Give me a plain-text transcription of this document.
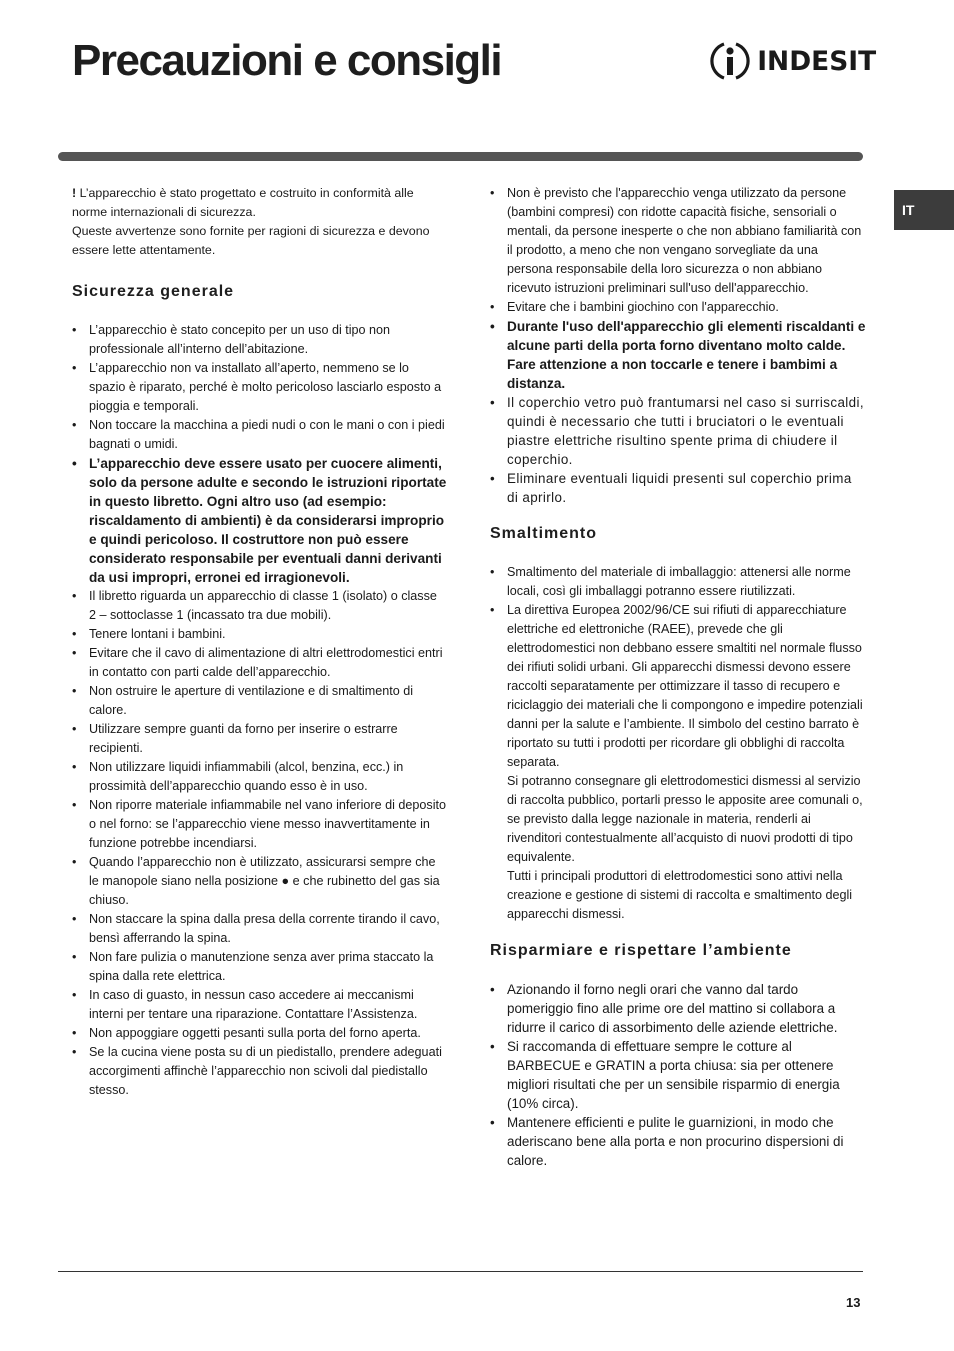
Precauzioni e consigli	INDESIT
IT

! L’apparecchio è stato progettato e costruito in conformità alle norme internazionali di sicurezza.

Queste avvertenze sono fornite per ragioni di sicurezza e devono essere lette attentamente.

Sicurezza generale
• L’apparecchio è stato concepito per un uso di tipo non professionale all’interno dell’abitazione.
• L’apparecchio non va installato all’aperto, nemmeno se lo spazio è riparato, perché è molto pericoloso lasciarlo esposto a pioggia e temporali.
• Non toccare la macchina a piedi nudi o con le mani o con i piedi bagnati o umidi.
• L’apparecchio deve essere usato per cuocere alimenti, solo da persone adulte e secondo le istruzioni riportate in questo libretto. Ogni altro uso (ad esempio: riscaldamento di ambienti) è da considerarsi improprio e quindi pericoloso. Il costruttore non può essere considerato responsabile per eventuali danni derivanti da usi impropri, erronei ed irragionevoli.
• Il libretto riguarda un apparecchio di classe 1 (isolato) o classe 2 – sottoclasse 1 (incassato tra due mobili).
• Tenere lontani i bambini.
• Evitare che il cavo di alimentazione di altri elettrodomestici entri in contatto con parti calde dell’apparecchio.
• Non ostruire le aperture di ventilazione e di smaltimento di calore.
• Utilizzare sempre guanti da forno per inserire o estrarre recipienti.
• Non utilizzare liquidi infiammabili (alcol, benzina, ecc.) in prossimità dell’apparecchio quando esso è in uso.
• Non riporre materiale infiammabile nel vano inferiore di deposito o nel forno: se l’apparecchio viene messo inavvertitamente in funzione potrebbe incendiarsi.
• Quando l’apparecchio non è utilizzato, assicurarsi sempre che le manopole siano nella posizione ● e che rubinetto del gas sia chiuso.
• Non staccare la spina dalla presa della corrente tirando il cavo, bensì afferrando la spina.
• Non fare pulizia o manutenzione senza aver prima staccato la spina dalla rete elettrica.
• In caso di guasto, in nessun caso accedere ai meccanismi interni per tentare una riparazione. Contattare l’Assistenza.
• Non appoggiare oggetti pesanti sulla porta del forno aperta.
• Se la cucina viene posta su di un piedistallo, prendere adeguati accorgimenti affinchè l’apparecchio non scivoli dal piedistallo stesso.
• Non è previsto che l'apparecchio venga utilizzato da persone (bambini compresi) con ridotte capacità fisiche, sensoriali o mentali, da persone inesperte o che non abbiano familiarità con il prodotto, a meno che non vengano sorvegliate da una persona responsabile della loro sicurezza o non abbiano ricevuto istruzioni preliminari sull'uso dell'apparecchio.
• Evitare che i bambini giochino con l'apparecchio.
• Durante l'uso dell'apparecchio gli elementi riscaldanti e alcune parti della porta forno diventano molto calde. Fare attenzione a non toccarle e tenere i bambimi a distanza.
• Il coperchio vetro può frantumarsi nel caso si surriscaldi, quindi è necessario che tutti i bruciatori o le eventuali piastre elettriche risultino spente prima di chiudere il coperchio.
• Eliminare eventuali liquidi presenti sul coperchio prima di aprirlo.
Smaltimento
• Smaltimento del materiale di imballaggio: attenersi alle norme locali, così gli imballaggi potranno essere riutilizzati.
• La direttiva Europea 2002/96/CE sui rifiuti di apparecchiature elettriche ed elettroniche (RAEE), prevede che gli elettrodomestici non debbano essere smaltiti nel normale flusso dei rifiuti solidi urbani. Gli apparecchi dismessi devono essere raccolti separatamente per ottimizzare il tasso di recupero e riciclaggio dei materiali che li compongono e impedire potenziali danni per la salute e l’ambiente. Il simbolo del cestino barrato è riportato su tutti i prodotti per ricordare gli obblighi di raccolta separata.

Si potranno consegnare gli elettrodomestici dismessi al servizio di raccolta pubblico, portarli presso le apposite aree comunali o, se previsto dalla legge nazionale in materia, renderli ai rivenditori contestualmente all’acquisto di nuovi prodotti di tipo equivalente.

Tutti i principali produttori di elettrodomestici sono attivi nella creazione e gestione di sistemi di raccolta e smaltimento degli apparecchi dismessi.

Risparmiare e rispettare l’ambiente
• Azionando il forno negli orari che vanno dal tardo pomeriggio fino alle prime ore del mattino si collabora a ridurre il carico di assorbimento delle aziende elettriche.
• Si raccomanda di effettuare sempre le cotture al BARBECUE e GRATIN a porta chiusa: sia per ottenere migliori risultati che per un sensibile risparmio di energia (10% circa).
• Mantenere efficienti e pulite le guarnizioni, in modo che aderiscano bene alla porta e non procurino dispersioni di calore.
13
